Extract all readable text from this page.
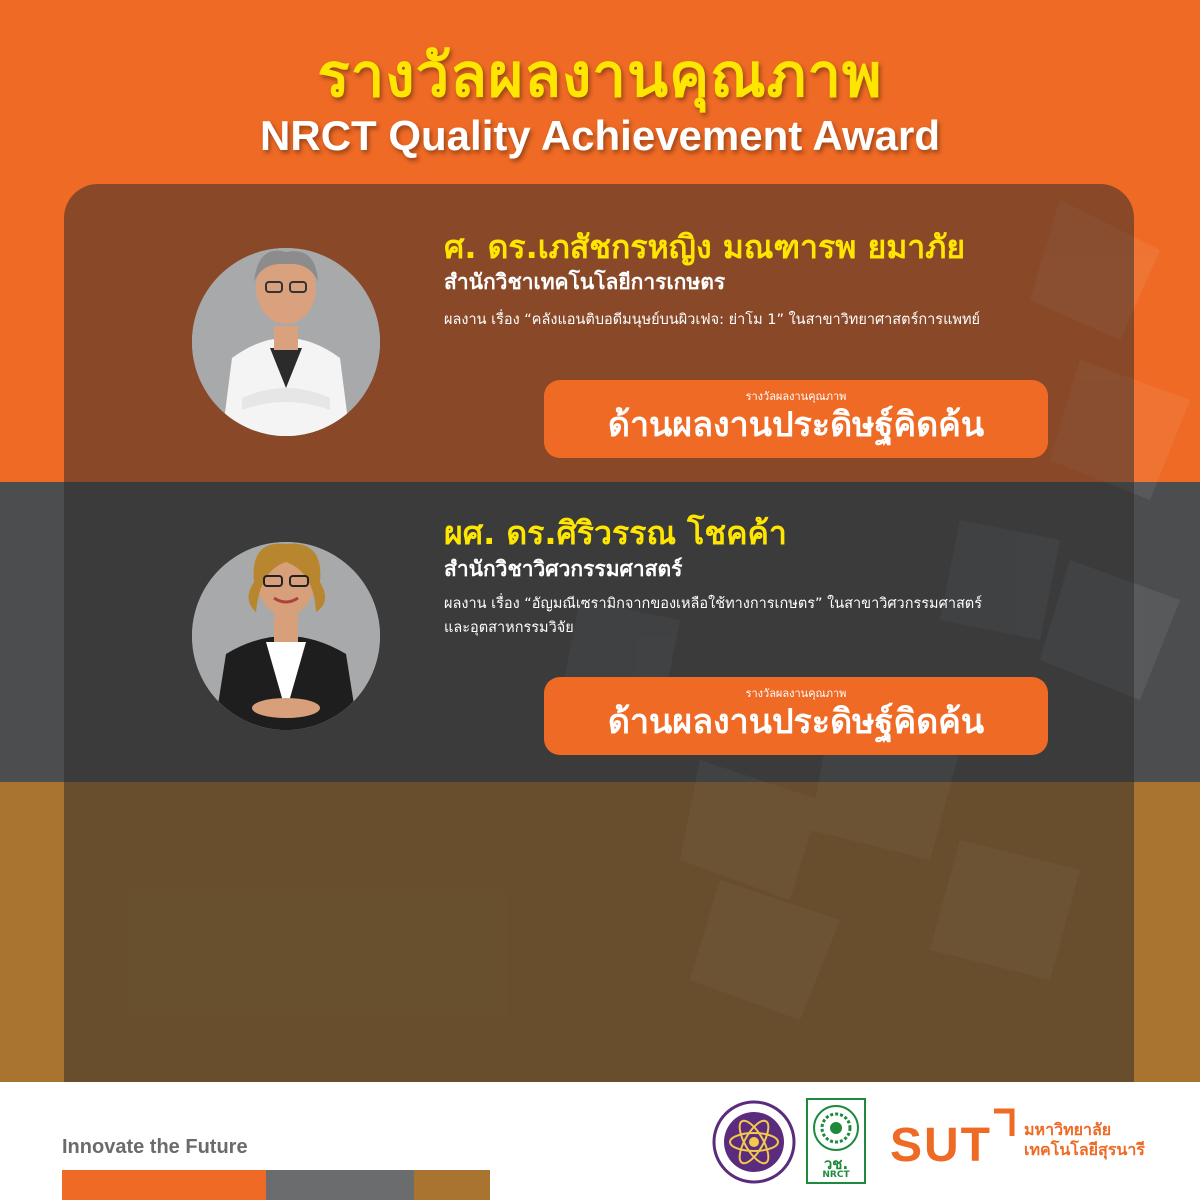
รางวัลผลงานคุณภาพ
NRCT Quality Achievement Award
ศ. ดร.เภสัชกรหญิง มณฑารพ ยมาภัย
สำนักวิชาเทคโนโลยีการเกษตร
ผลงาน เรื่อง “คลังแอนติบอดีมนุษย์บนผิวเฟจ: ย่าโม 1” ในสาขาวิทยาศาสตร์การแพทย์
รางวัลผลงานคุณภาพ
ด้านผลงานประดิษฐ์คิดค้น
ผศ. ดร.ศิริวรรณ โชคค้า
สำนักวิชาวิศวกรรมศาสตร์
ผลงาน เรื่อง “อัญมณีเซรามิกจากของเหลือใช้ทางการเกษตร” ในสาขาวิศวกรรมศาสตร์
และอุตสาหกรรมวิจัย
รางวัลผลงานคุณภาพ
ด้านผลงานประดิษฐ์คิดค้น
Innovate the Future
วช.
NRCT
SUT มหาวิทยาลัย
เทคโนโลยีสุรนารี
